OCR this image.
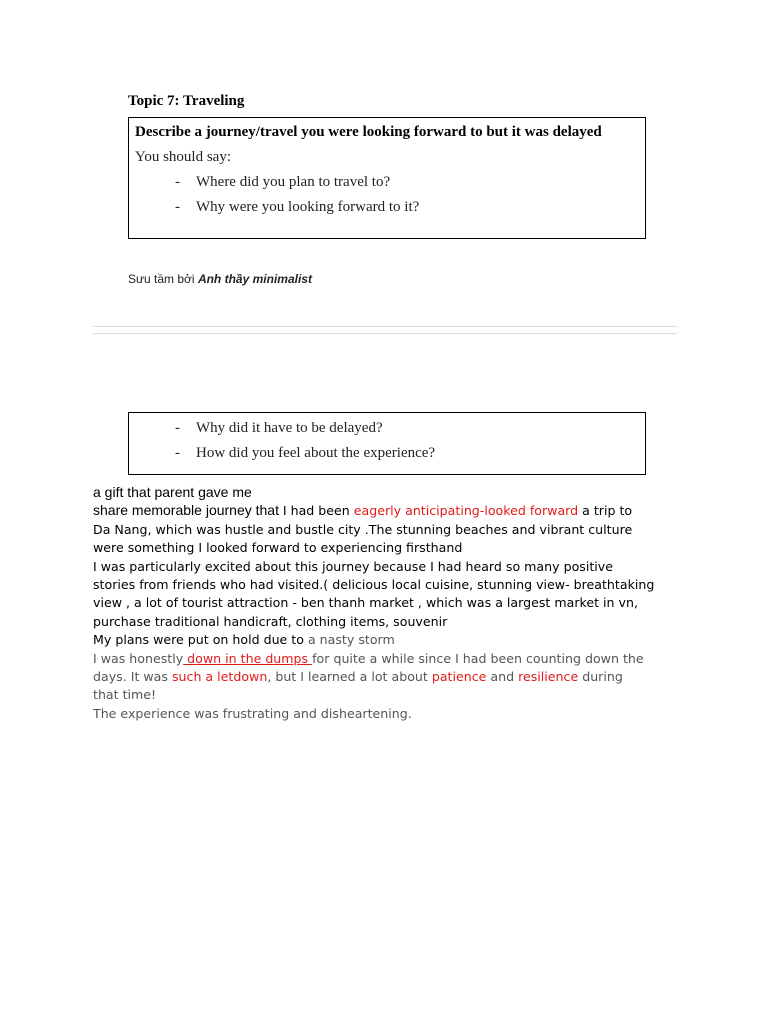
Topic 7: Traveling
Describe a journey/travel you were looking forward to but it was delayed
You should say:
- Where did you plan to travel to?
- Why were you looking forward to it?
Sưu tầm bởi Anh thầy minimalist
- Why did it have to be delayed?
- How did you feel about the experience?
a gift that parent gave me
share memorable journey that I had been eagerly anticipating-looked forward a trip to
Da Nang, which was hustle and bustle city .The stunning beaches and vibrant culture
were something I looked forward to experiencing firsthand
I was particularly excited about this journey because I had heard so many positive
stories from friends who had visited.( delicious local cuisine, stunning view- breathtaking
view , a lot of tourist attraction - ben thanh market , which was a largest market in vn,
purchase traditional handicraft, clothing items, souvenir
My plans were put on hold due to a nasty storm
I was honestly down in the dumps for quite a while since I had been counting down the
days. It was such a letdown, but I learned a lot about patience and resilience during
that time!
The experience was frustrating and disheartening.
